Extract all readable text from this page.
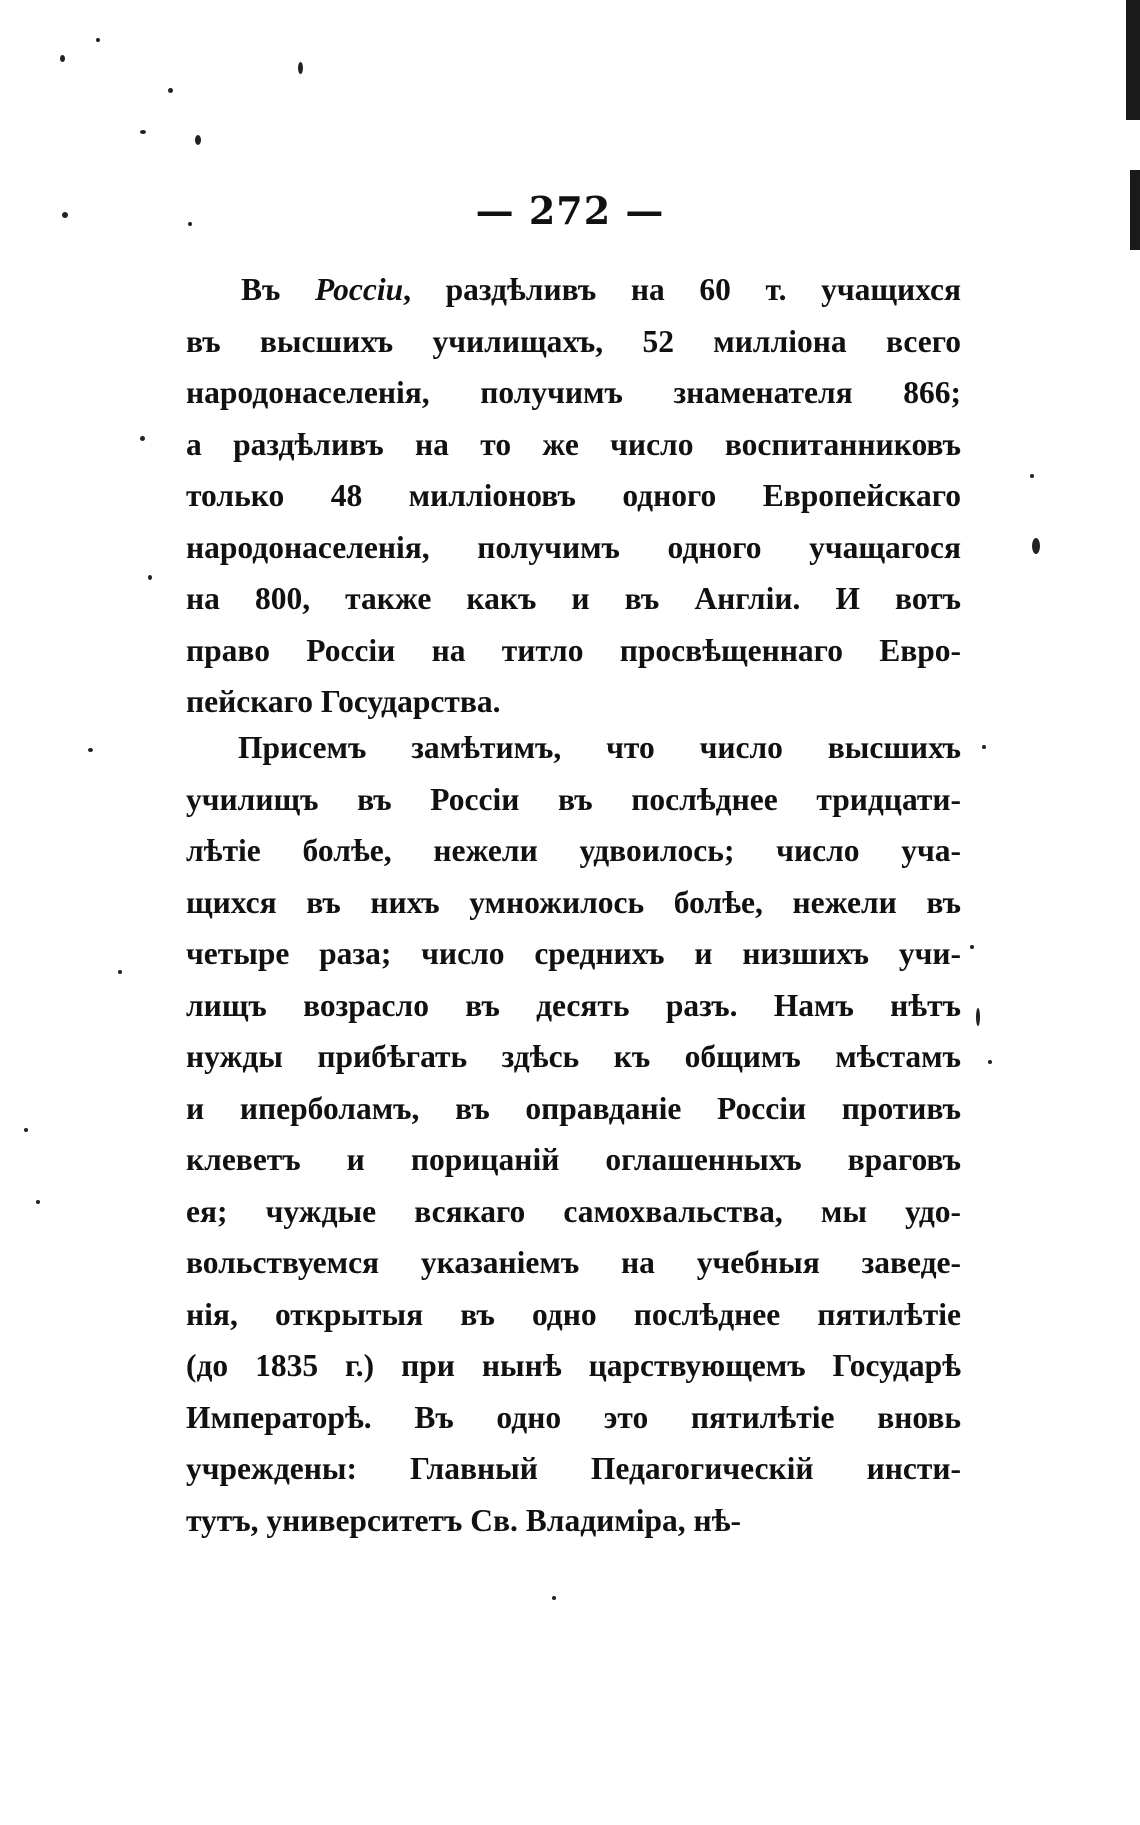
— 272 —
Въ Россіи, раздѣливъ на 60 т. учащихся
въ высшихъ училищахъ, 52 милліона всего
народонаселенія, получимъ знаменателя 866;
а раздѣливъ на то же число воспитанниковъ
только 48 милліоновъ одного Европейскаго
народонаселенія, получимъ одного учащагося
на 800, также какъ и въ Англіи. И вотъ
право Россіи на титло просвѣщеннаго Евро-
пейскаго Государства.
Присемъ замѣтимъ, что число высшихъ
училищъ въ Россіи въ послѣднее тридцати-
лѣтіе болѣе, нежели удвоилось; число уча-
щихся въ нихъ умножилось болѣе, нежели въ
четыре раза; число среднихъ и низшихъ учи-
лищъ возрасло въ десять разъ. Намъ нѣтъ
нужды прибѣгать здѣсь къ общимъ мѣстамъ
и иперболамъ, въ оправданіе Россіи противъ
клеветъ и порицаній оглашенныхъ враговъ
ея; чуждые всякаго самохвальства, мы удо-
вольствуемся указаніемъ на учебныя заведе-
нія, открытыя въ одно послѣднее пятилѣтіе
(до 1835 г.) при нынѣ царствующемъ Государѣ
Императорѣ. Въ одно это пятилѣтіе вновь
учреждены: Главный Педагогическій инсти-
тутъ, университетъ Св. Владиміра, нѣ-
